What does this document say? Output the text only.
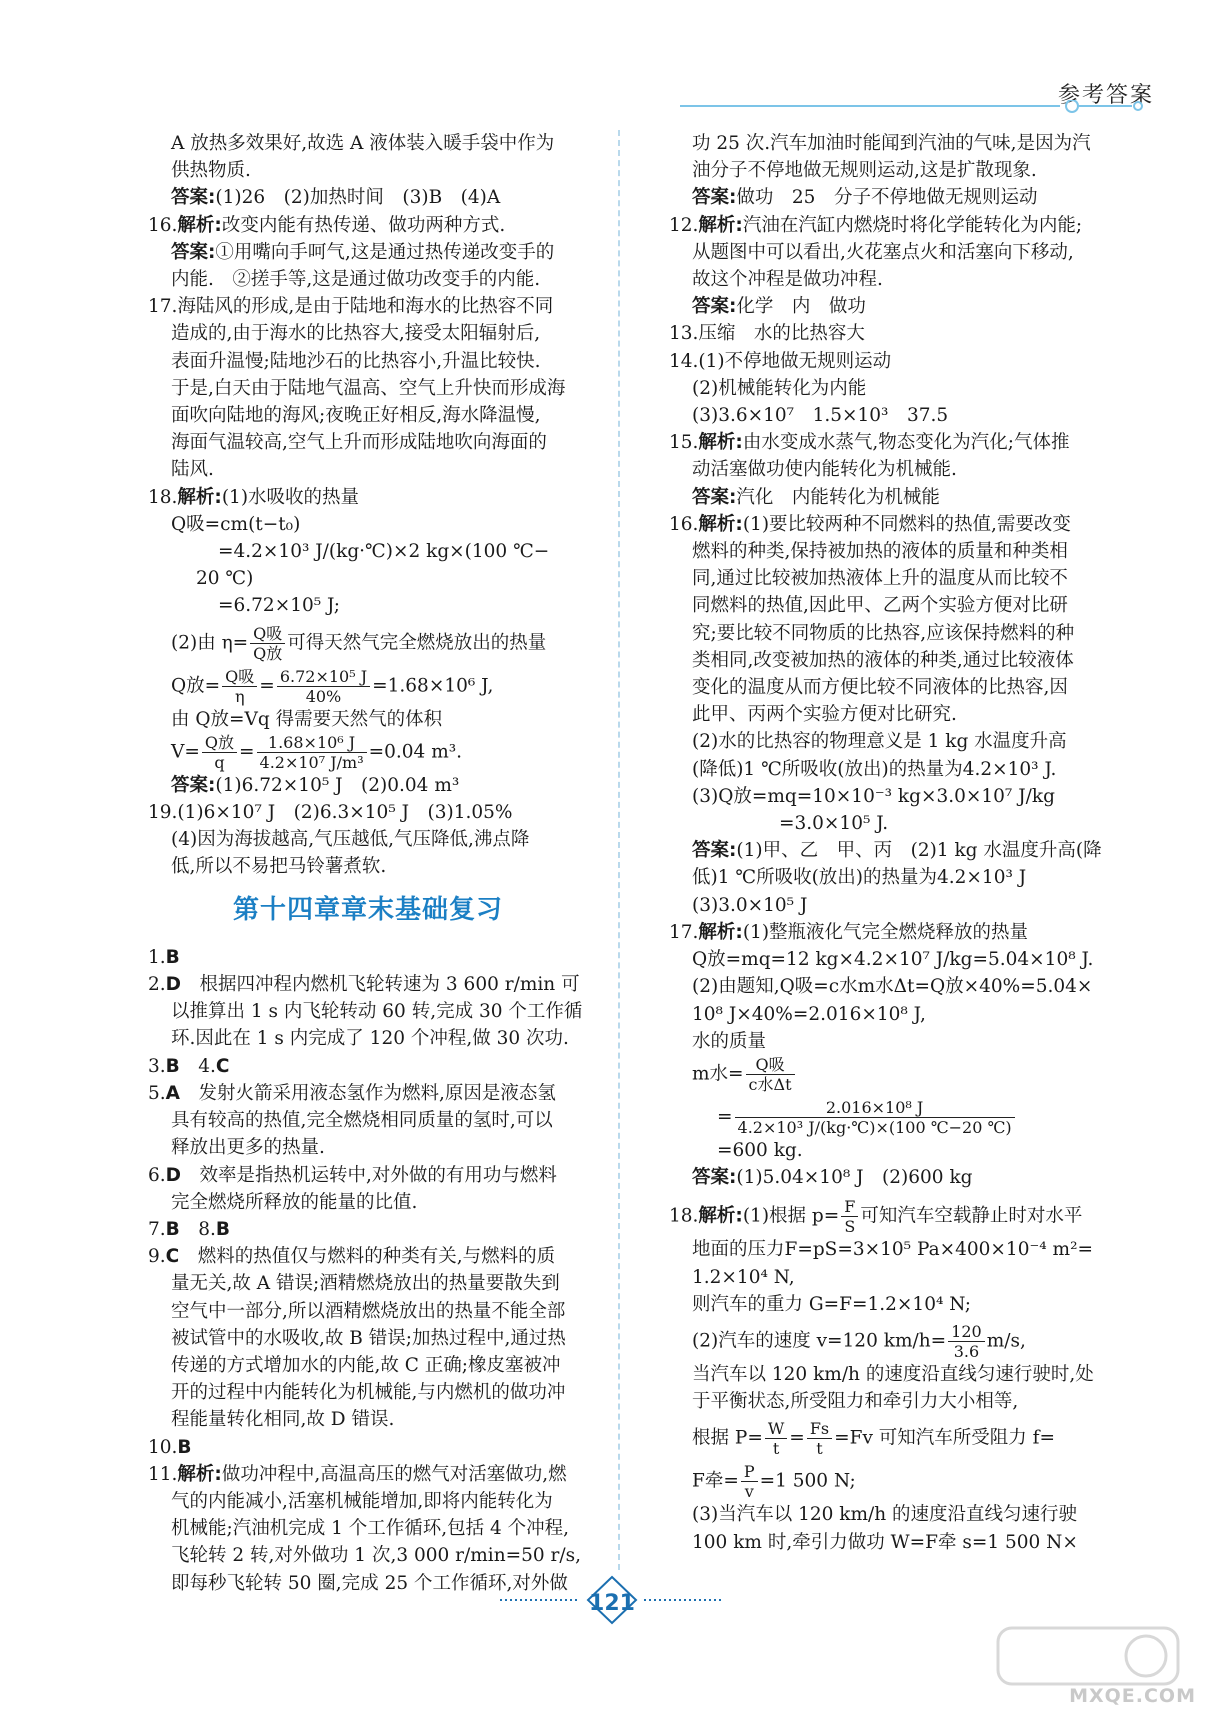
参考答案

A 放热多效果好,故选 A 液体装入暖手袋中作为

供热物质.

答案:(1)26　(2)加热时间　(3)B　(4)A

16.解析:改变内能有热传递、做功两种方式.

答案:①用嘴向手呵气,这是通过热传递改变手的

内能.　②搓手等,这是通过做功改变手的内能.

17.海陆风的形成,是由于陆地和海水的比热容不同

造成的,由于海水的比热容大,接受太阳辐射后,

表面升温慢;陆地沙石的比热容小,升温比较快.

于是,白天由于陆地气温高、空气上升快而形成海

面吹向陆地的海风;夜晚正好相反,海水降温慢,

海面气温较高,空气上升而形成陆地吹向海面的

陆风.

18.解析:(1)水吸收的热量

Q吸=cm(t−t₀)

=4.2×10³ J/(kg·℃)×2 kg×(100 ℃−

20 ℃)

=6.72×10⁵ J;

(2)由 $\eta= \frac{\text{Q吸}}{\text{Q放}}$ 可得天然气完全燃烧放出的热量

Q放= $\frac{\text{Q吸}}{\eta} = \frac{\text{6.72×10⁵ J}}{40\%} =1.68\times 10^6$ J,

由 Q放=Vq 得需要天然气的体积

$V= \frac{\text{Q放}}{q} = \frac{\text{1.68×10⁶ J}}{\text{4.2×10⁷ J/m³}} =0.04$ m³.

答案:(1)6.72×10⁵ J　(2)0.04 m³

19.(1)6×10⁷ J　(2)6.3×10⁵ J　(3)1.05%

(4)因为海拔越高,气压越低,气压降低,沸点降

低,所以不易把马铃薯煮软.

第十四章章末基础复习

1.B

2.D　根据四冲程内燃机飞轮转速为 3 600 r/min 可

以推算出 1 s 内飞轮转动 60 转,完成 30 个工作循

环.因此在 1 s 内完成了 120 个冲程,做 30 次功.

3.B　4.C

5.A　发射火箭采用液态氢作为燃料,原因是液态氢

具有较高的热值,完全燃烧相同质量的氢时,可以

释放出更多的热量.

6.D　效率是指热机运转中,对外做的有用功与燃料

完全燃烧所释放的能量的比值.

7.B　8.B

9.C　燃料的热值仅与燃料的种类有关,与燃料的质

量无关,故 A 错误;酒精燃烧放出的热量要散失到

空气中一部分,所以酒精燃烧放出的热量不能全部

被试管中的水吸收,故 B 错误;加热过程中,通过热

传递的方式增加水的内能,故 C 正确;橡皮塞被冲

开的过程中内能转化为机械能,与内燃机的做功冲

程能量转化相同,故 D 错误.

10.B

11.解析:做功冲程中,高温高压的燃气对活塞做功,燃

气的内能减小,活塞机械能增加,即将内能转化为

机械能;汽油机完成 1 个工作循环,包括 4 个冲程,

飞轮转 2 转,对外做功 1 次,3 000 r/min=50 r/s,

即每秒飞轮转 50 圈,完成 25 个工作循环,对外做

功 25 次.汽车加油时能闻到汽油的气味,是因为汽

油分子不停地做无规则运动,这是扩散现象.

答案:做功　25　分子不停地做无规则运动

12.解析:汽油在汽缸内燃烧时将化学能转化为内能;

从题图中可以看出,火花塞点火和活塞向下移动,

故这个冲程是做功冲程.

答案:化学　内　做功

13.压缩　水的比热容大

14.(1)不停地做无规则运动

(2)机械能转化为内能

(3)3.6×10⁷　1.5×10³　37.5

15.解析:由水变成水蒸气,物态变化为汽化;气体推

动活塞做功使内能转化为机械能.

答案:汽化　内能转化为机械能

16.解析:(1)要比较两种不同燃料的热值,需要改变

燃料的种类,保持被加热的液体的质量和种类相

同,通过比较被加热液体上升的温度从而比较不

同燃料的热值,因此甲、乙两个实验方便对比研

究;要比较不同物质的比热容,应该保持燃料的种

类相同,改变被加热的液体的种类,通过比较液体

变化的温度从而方便比较不同液体的比热容,因

此甲、丙两个实验方便对比研究.

(2)水的比热容的物理意义是 1 kg 水温度升高

(降低)1 ℃所吸收(放出)的热量为4.2×10³ J.

(3)Q放=mq=10×10⁻³ kg×3.0×10⁷ J/kg

=3.0×10⁵ J.

答案:(1)甲、乙　甲、丙　(2)1 kg 水温度升高(降

低)1 ℃所吸收(放出)的热量为4.2×10³ J

(3)3.0×10⁵ J

17.解析:(1)整瓶液化气完全燃烧释放的热量

Q放=mq=12 kg×4.2×10⁷ J/kg=5.04×10⁸ J.

(2)由题知,Q吸=c水m水Δt=Q放×40%=5.04×

10⁸ J×40%=2.016×10⁸ J,

水的质量

m水= $\frac{\text{Q吸}}{\text{c水Δt}}$

= $\frac{\text{2.016×10⁸ J}}{\text{4.2×10³ J/(kg·℃)×(100 ℃−20 ℃)}}$

=600 kg.

答案:(1)5.04×10⁸ J　(2)600 kg

18.解析:(1)根据 $p= \frac{F}{S}$ 可知汽车空载静止时对水平

地面的压力F=pS=3×10⁵ Pa×400×10⁻⁴ m²=

1.2×10⁴ N,

则汽车的重力 G=F=1.2×10⁴ N;

(2)汽车的速度 v=120 $km/h= \frac{120}{3.6} m/s$,

当汽车以 120 km/h 的速度沿直线匀速行驶时,处

于平衡状态,所受阻力和牵引力大小相等,

根据 $P= \frac{W}{t} = \frac{Fs}{t} =Fv$ 可知汽车所受阻力 f=

F牵= $\frac{P}{v} =1$ 500 N;

(3)当汽车以 120 km/h 的速度沿直线匀速行驶

100 km 时,牵引力做功 W=F牵 s=1 500 N×

121
MXQE.COM
